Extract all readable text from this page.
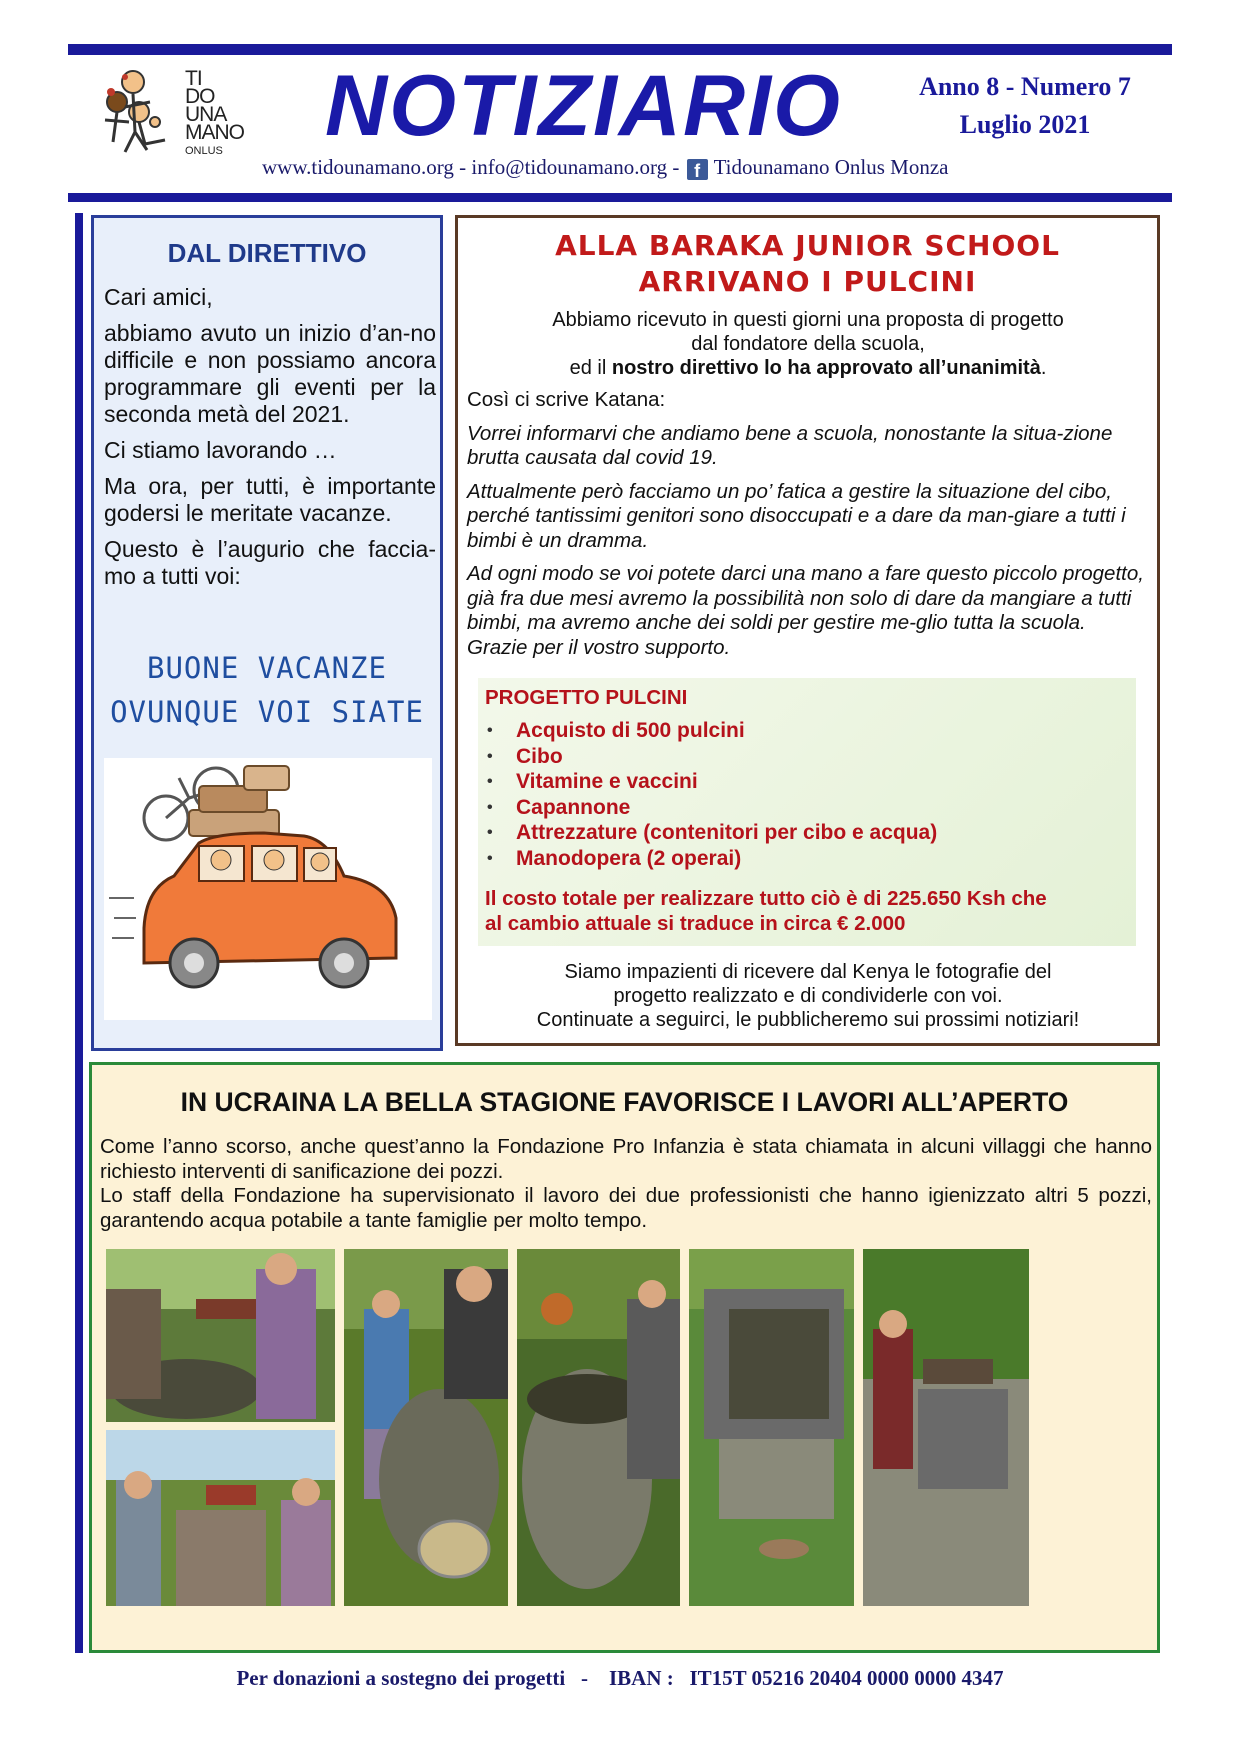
TI
DO
UNA
MANO
ONLUS NOTIZIARIO	Anno 8 - Numero 7
Luglio 2021
www.tidounamano.org - info@tidounamano.org - f Tidounamano Onlus Monza
DAL DIRETTIVO

Cari amici,

abbiamo avuto un inizio d’an-no difficile e non possiamo ancora programmare gli eventi per la seconda metà del 2021.

Ci stiamo lavorando …

Ma ora, per tutti, è importante godersi le meritate vacanze.

Questo è l’augurio che faccia-mo a tutti voi:

BUONE VACANZE
OVUNQUE VOI SIATE
ALLA BARAKA JUNIOR SCHOOL
ARRIVANO I PULCINI
Abbiamo ricevuto in questi giorni una proposta di progetto
dal fondatore della scuola,
ed il nostro direttivo lo ha approvato all’unanimità.

Così ci scrive Katana:

Vorrei informarvi che andiamo bene a scuola, nonostante la situa-zione brutta causata dal covid 19.

Attualmente però facciamo un po’ fatica a gestire la situazione del cibo, perché tantissimi genitori sono disoccupati e a dare da man-giare a tutti i bimbi è un dramma.

Ad ogni modo se voi potete darci una mano a fare questo piccolo progetto, già fra due mesi avremo la possibilità non solo di dare da mangiare a tutti bimbi, ma avremo anche dei soldi per gestire me-glio tutta la scuola. Grazie per il vostro supporto.

PROGETTO PULCINI
• Acquisto di 500 pulcini
• Cibo
• Vitamine e vaccini
• Capannone
• Attrezzature (contenitori per cibo e acqua)
• Manodopera (2 operai)
Il costo totale per realizzare tutto ciò è di 225.650 Ksh che
al cambio attuale si traduce in circa € 2.000
Siamo impazienti di ricevere dal Kenya le fotografie del
progetto realizzato e di condividerle con voi.
Continuate a seguirci, le pubblicheremo sui prossimi notiziari!
IN UCRAINA LA BELLA STAGIONE FAVORISCE I LAVORI ALL’APERTO

Come l’anno scorso, anche quest’anno la Fondazione Pro Infanzia è stata chiamata in alcuni villaggi che hanno richiesto interventi di sanificazione dei pozzi.

Lo staff della Fondazione ha supervisionato il lavoro dei due professionisti che hanno igienizzato altri 5 pozzi, garantendo acqua potabile a tante famiglie per molto tempo.

Per donazioni a sostegno dei progetti   -    IBAN :   IT15T 05216 20404 0000 0000 4347
